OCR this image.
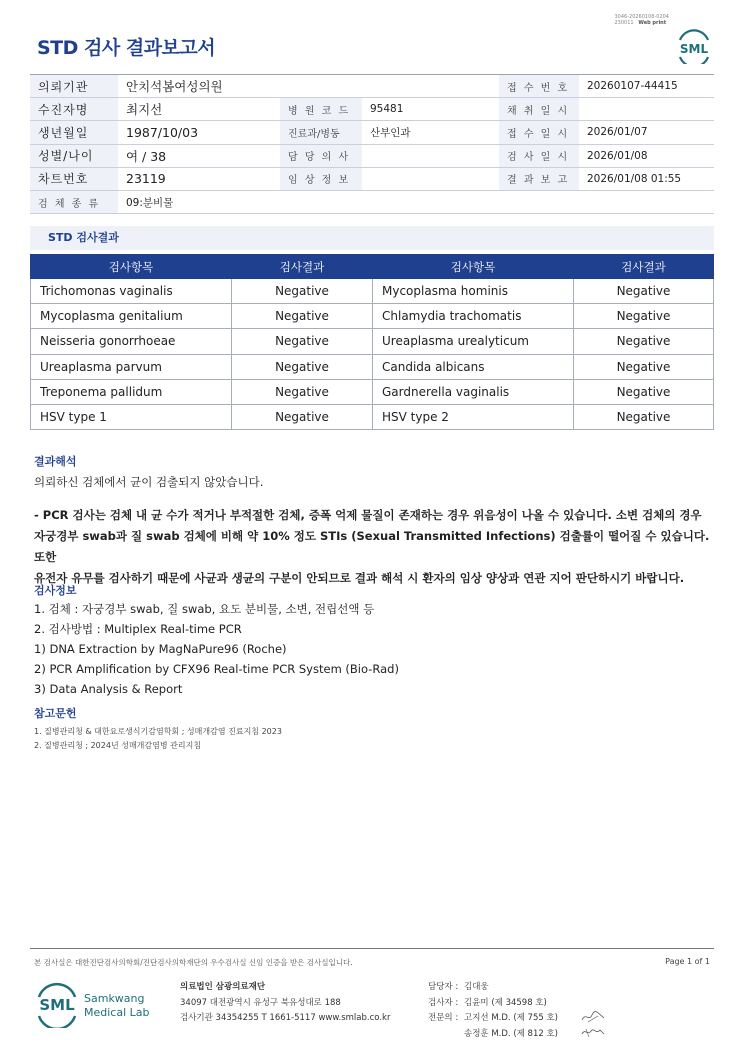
3046-20260108-0204
230011 Web print
STD 검사 결과보고서	SML
의뢰기관	안치석봄여성의원			접 수 번 호	20260107-44415
수진자명	최지선	병 원 코 드	95481	채 취 일 시	
생년월일	1987/10/03	진료과/병동	산부인과	접 수 일 시	2026/01/07
성별/나이	여 / 38	담 당 의 사		검 사 일 시	2026/01/08
차트번호	23119	임 상 정 보		결 과 보 고	2026/01/08 01:55
검 체 종 류	09:분비물				
STD 검사결과
검사항목	검사결과	검사항목	검사결과
Trichomonas vaginalis	Negative	Mycoplasma hominis	Negative
Mycoplasma genitalium	Negative	Chlamydia trachomatis	Negative
Neisseria gonorrhoeae	Negative	Ureaplasma urealyticum	Negative
Ureaplasma parvum	Negative	Candida albicans	Negative
Treponema pallidum	Negative	Gardnerella vaginalis	Negative
HSV type 1	Negative	HSV type 2	Negative
결과해석
의뢰하신 검체에서 균이 검출되지 않았습니다.
- PCR 검사는 검체 내 균 수가 적거나 부적절한 검체, 증폭 억제 물질이 존재하는 경우 위음성이 나올 수 있습니다. 소변 검체의 경우
자궁경부 swab과 질 swab 검체에 비해 약 10% 정도 STIs (Sexual Transmitted Infections) 검출률이 떨어질 수 있습니다. 또한
유전자 유무를 검사하기 때문에 사균과 생균의 구분이 안되므로 결과 해석 시 환자의 임상 양상과 연관 지어 판단하시기 바랍니다.
검사정보
1. 검체 : 자궁경부 swab, 질 swab, 요도 분비물, 소변, 전립선액 등
2. 검사방법 : Multiplex Real-time PCR
1) DNA Extraction by MagNaPure96 (Roche)
2) PCR Amplification by CFX96 Real-time PCR System (Bio-Rad)
3) Data Analysis & Report
참고문헌
1. 질병관리청 & 대한요로생식기감염학회 ; 성매개감염 진료지침 2023
2. 질병관리청 ; 2024년 성매개감염병 관리지침
본 검사실은 대한진단검사의학회/진단검사의학재단의 우수검사실 신임 인증을 받은 검사실입니다.	Page 1 of 1
SML Samkwang
Medical Lab
의료법인 삼광의료재단
34097 대전광역시 유성구 북유성대로 188
검사기관 34354255 T 1661-5117 www.smlab.co.kr
담당자 : 김대웅
검사자 : 김윤미 (제 34598 호)
전문의 : 고지선 M.D. (제 755 호)
송정훈 M.D. (제 812 호)
